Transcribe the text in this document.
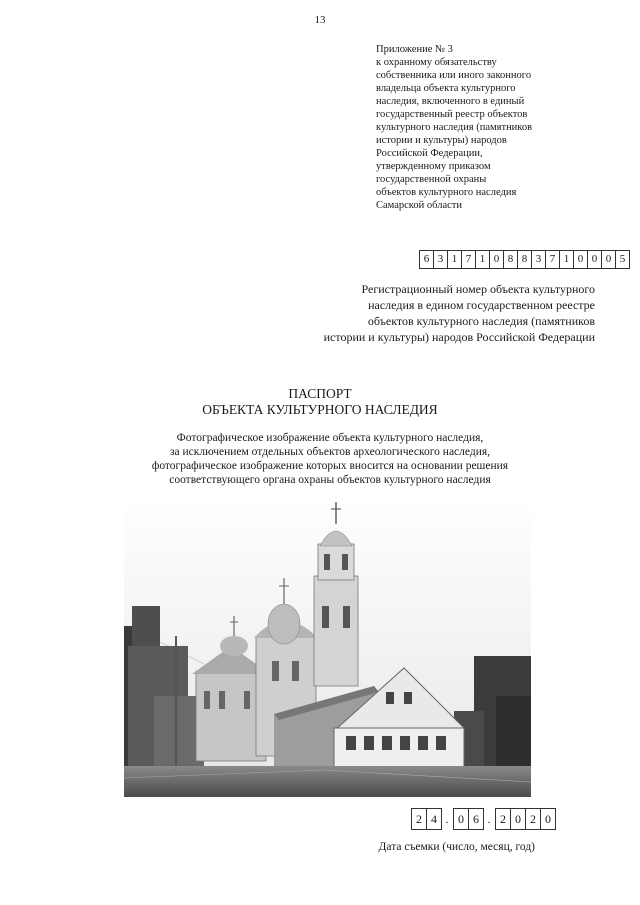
13
Приложение № 3
к охранному обязательству
собственника или иного законного
владельца объекта культурного
наследия, включенного в единый
государственный реестр объектов
культурного наследия (памятников
истории и культуры) народов
Российской Федерации,
утвержденному приказом
государственной охраны
объектов культурного наследия
Самарской области
6 3 1 7 1 0 8 8 3 7 1 0 0 0 5
Регистрационный номер объекта культурного
наследия в едином государственном реестре
объектов культурного наследия (памятников
истории и культуры) народов Российской Федерации
ПАСПОРТ
ОБЪЕКТА КУЛЬТУРНОГО НАСЛЕДИЯ
Фотографическое изображение объекта культурного наследия,
за исключением отдельных объектов археологического наследия,
фотографическое изображение которых вносится на основании решения
соответствующего органа охраны объектов культурного наследия
2 4 . 0 6 . 2 0 2 0
Дата съемки (число, месяц, год)
